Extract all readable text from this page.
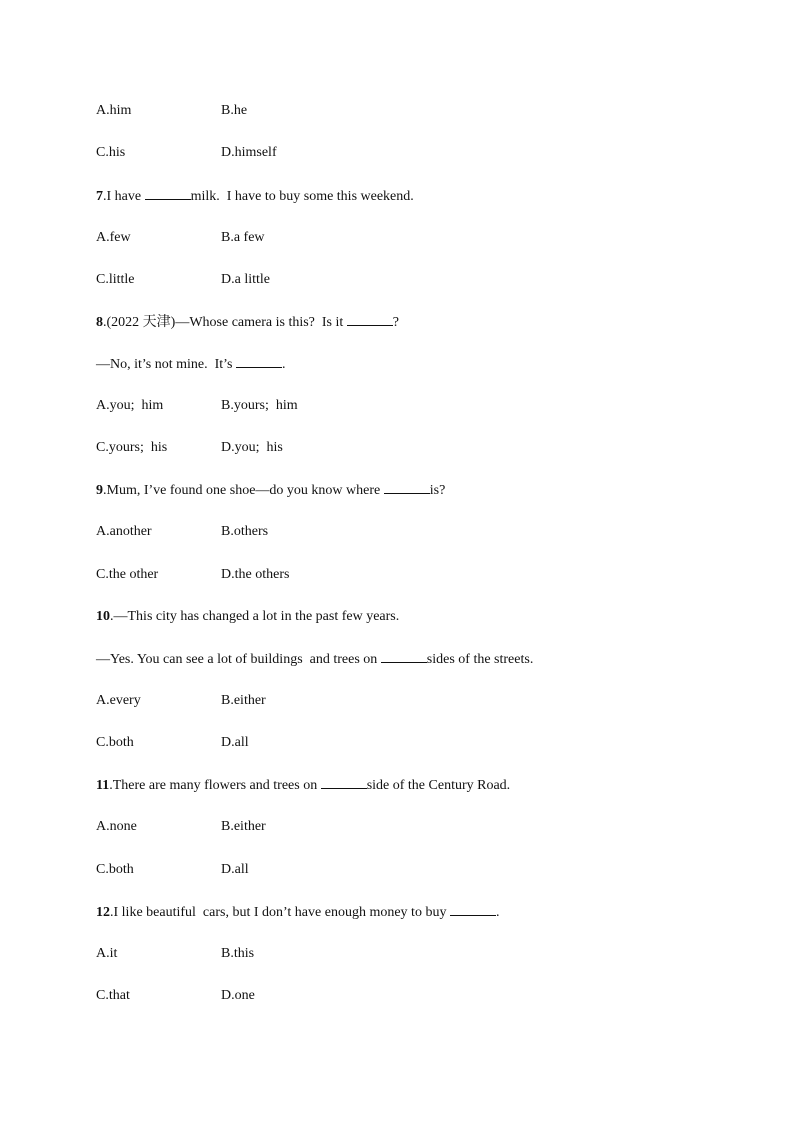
A.him	B.he
C.his	D.himself
7.I have	milk.  I have to buy some this weekend.
A.few	B.a few
C.little	D.a little
8.(2022 天津)—Whose camera is this?  Is it	?
—No, it’s not mine.  It’s	.
A.you;  him	B.yours;  him
C.yours;  his	D.you;  his
9.Mum, I’ve found one shoe—do you know where	is?
A.another	B.others
C.the other	D.the others
10.—This city has changed a lot in the past few years.
—Yes. You can see a lot of buildings  and trees on	sides of the streets.
A.every	B.either
C.both	D.all
11.There are many flowers and trees on	side of the Century Road.
A.none	B.either
C.both	D.all
12.I like beautiful  cars, but I don’t have enough money to buy	.
A.it	B.this
C.that	D.one
